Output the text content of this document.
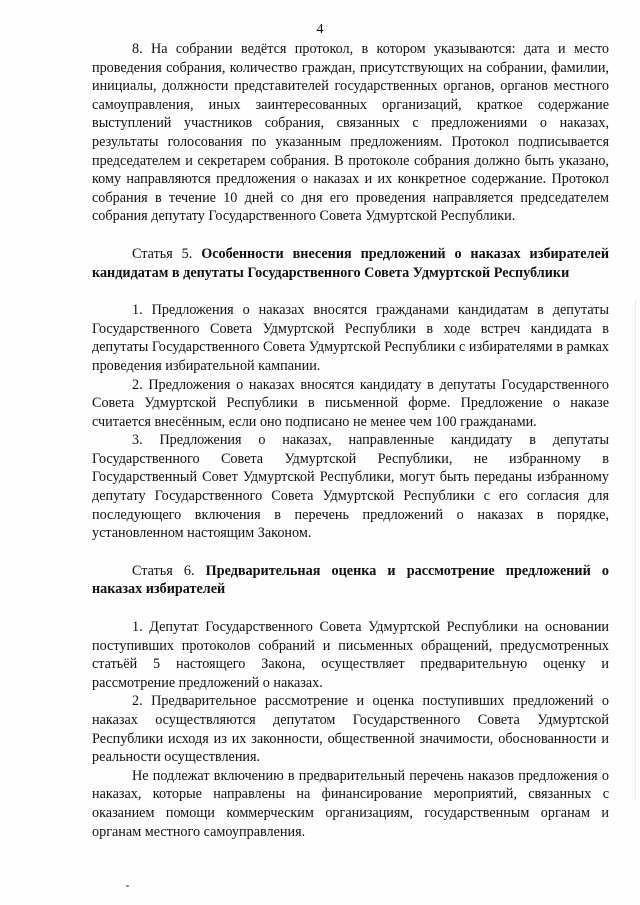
4

8. На собрании ведётся протокол, в котором указываются: дата и место проведения собрания, количество граждан, присутствующих на собрании, фамилии, инициалы, должности представителей государственных органов, органов местного самоуправления, иных заинтересованных организаций, краткое содержание выступлений участников собрания, связанных с предложениями о наказах, результаты голосования по указанным предложениям. Протокол подписывается председателем и секретарем собрания. В протоколе собрания должно быть указано, кому направляются предложения о наказах и их конкретное содержание. Протокол собрания в течение 10 дней со дня его проведения направляется председателем собрания депутату Государственного Совета Удмуртской Республики.

Статья 5. Особенности внесения предложений о наказах избирателей кандидатам в депутаты Государственного Совета Удмуртской Республики

1. Предложения о наказах вносятся гражданами кандидатам в депутаты Государственного Совета Удмуртской Республики в ходе встреч кандидата в депутаты Государственного Совета Удмуртской Республики с избирателями в рамках проведения избирательной кампании.

2. Предложения о наказах вносятся кандидату в депутаты Государственного Совета Удмуртской Республики в письменной форме. Предложение о наказе считается внесённым, если оно подписано не менее чем 100 гражданами.

3. Предложения о наказах, направленные кандидату в депутаты Государственного Совета Удмуртской Республики, не избранному в Государственный Совет Удмуртской Республики, могут быть переданы избранному депутату Государственного Совета Удмуртской Республики с его согласия для последующего включения в перечень предложений о наказах в порядке, установленном настоящим Законом.

Статья 6. Предварительная оценка и рассмотрение предложений о наказах избирателей

1. Депутат Государственного Совета Удмуртской Республики на основании поступивших протоколов собраний и письменных обращений, предусмотренных статьёй 5 настоящего Закона, осуществляет предварительную оценку и рассмотрение предложений о наказах.

2. Предварительное рассмотрение и оценка поступивших предложений о наказах осуществляются депутатом Государственного Совета Удмуртской Республики исходя из их законности, общественной значимости, обоснованности и реальности осуществления.

Не подлежат включению в предварительный перечень наказов предложения о наказах, которые направлены на финансирование мероприятий, связанных с оказанием помощи коммерческим организациям, государственным органам и органам местного самоуправления.
